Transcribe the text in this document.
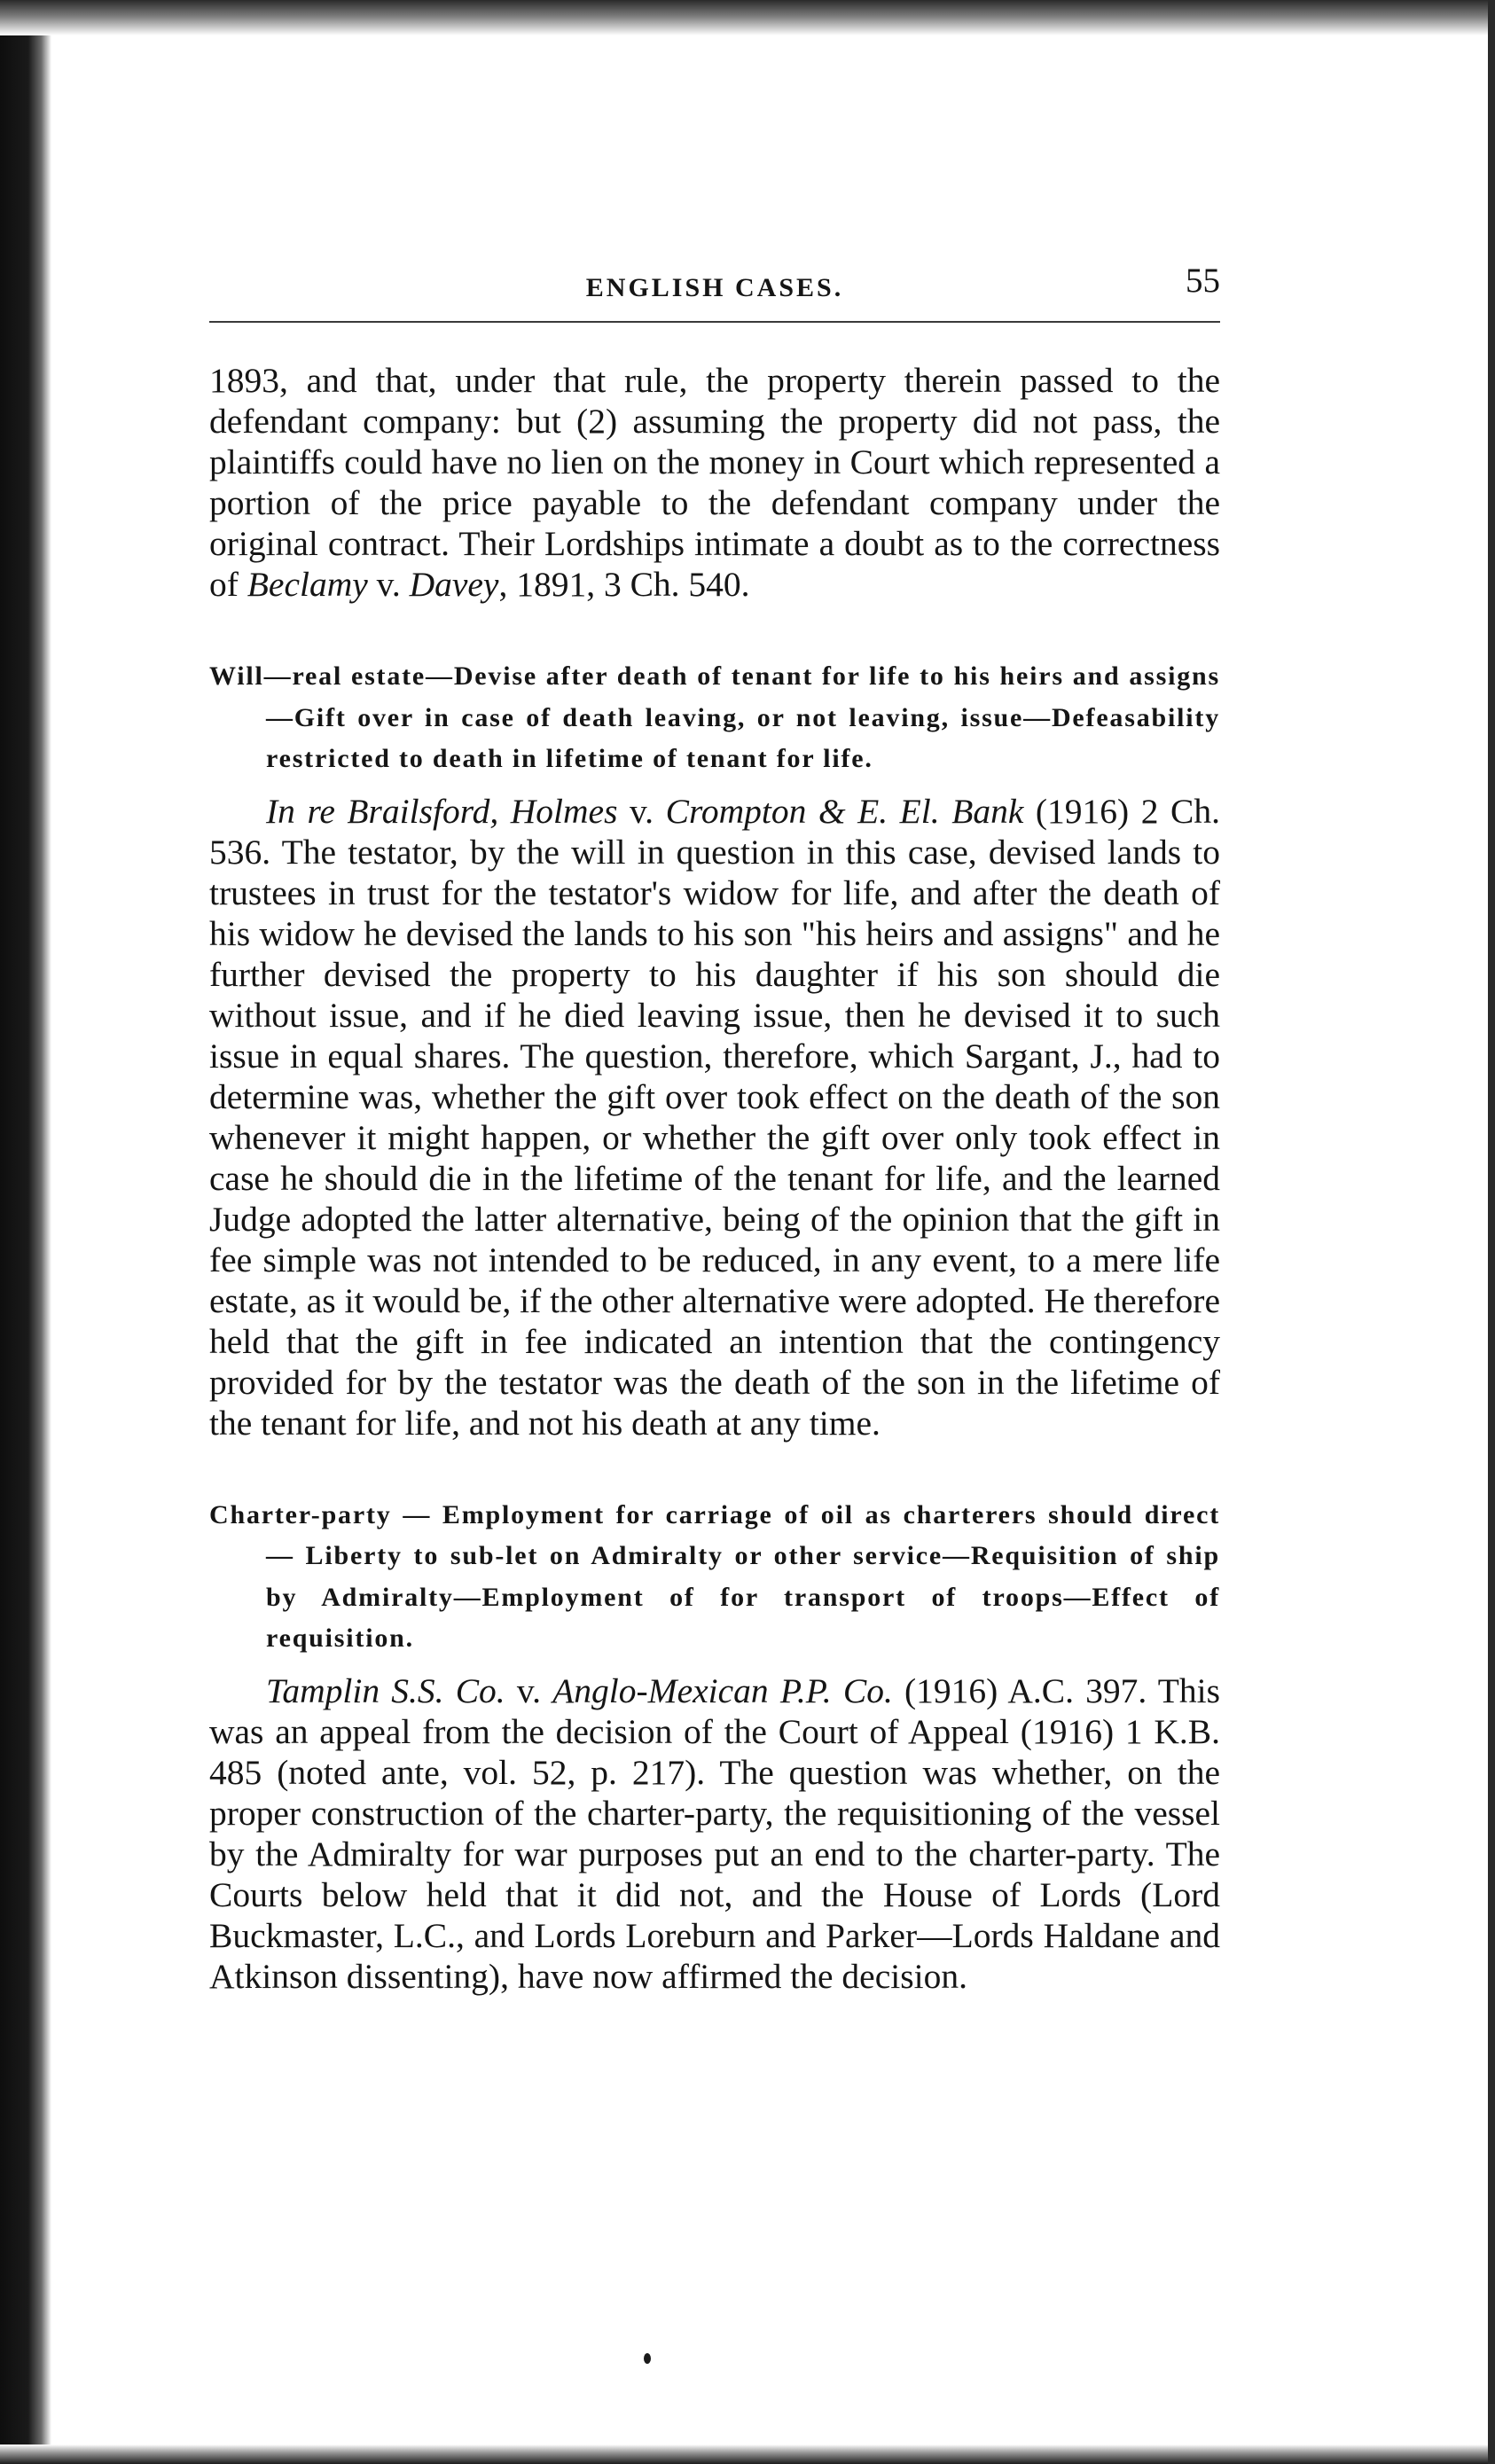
ENGLISH CASES.	55

1893, and that, under that rule, the property therein passed to the defendant company: but (2) assuming the property did not pass, the plaintiffs could have no lien on the money in Court which represented a portion of the price payable to the defendant company under the original contract. Their Lordships intimate a doubt as to the correctness of Beclamy v. Davey, 1891, 3 Ch. 540.

Will—real estate—Devise after death of tenant for life to his heirs and assigns—Gift over in case of death leaving, or not leaving, issue—Defeasability restricted to death in lifetime of tenant for life.

In re Brailsford, Holmes v. Crompton & E. El. Bank (1916) 2 Ch. 536. The testator, by the will in question in this case, devised lands to trustees in trust for the testator's widow for life, and after the death of his widow he devised the lands to his son "his heirs and assigns" and he further devised the property to his daughter if his son should die without issue, and if he died leaving issue, then he devised it to such issue in equal shares. The question, therefore, which Sargant, J., had to determine was, whether the gift over took effect on the death of the son whenever it might happen, or whether the gift over only took effect in case he should die in the lifetime of the tenant for life, and the learned Judge adopted the latter alternative, being of the opinion that the gift in fee simple was not intended to be reduced, in any event, to a mere life estate, as it would be, if the other alternative were adopted. He therefore held that the gift in fee indicated an intention that the contingency provided for by the testator was the death of the son in the lifetime of the tenant for life, and not his death at any time.

Charter-party — Employment for carriage of oil as charterers should direct — Liberty to sub-let on Admiralty or other service—Requisition of ship by Admiralty—Employment of for transport of troops—Effect of requisition.

Tamplin S.S. Co. v. Anglo-Mexican P.P. Co. (1916) A.C. 397. This was an appeal from the decision of the Court of Appeal (1916) 1 K.B. 485 (noted ante, vol. 52, p. 217). The question was whether, on the proper construction of the charter-party, the requisitioning of the vessel by the Admiralty for war purposes put an end to the charter-party. The Courts below held that it did not, and the House of Lords (Lord Buckmaster, L.C., and Lords Loreburn and Parker—Lords Haldane and Atkinson dissenting), have now affirmed the decision.
